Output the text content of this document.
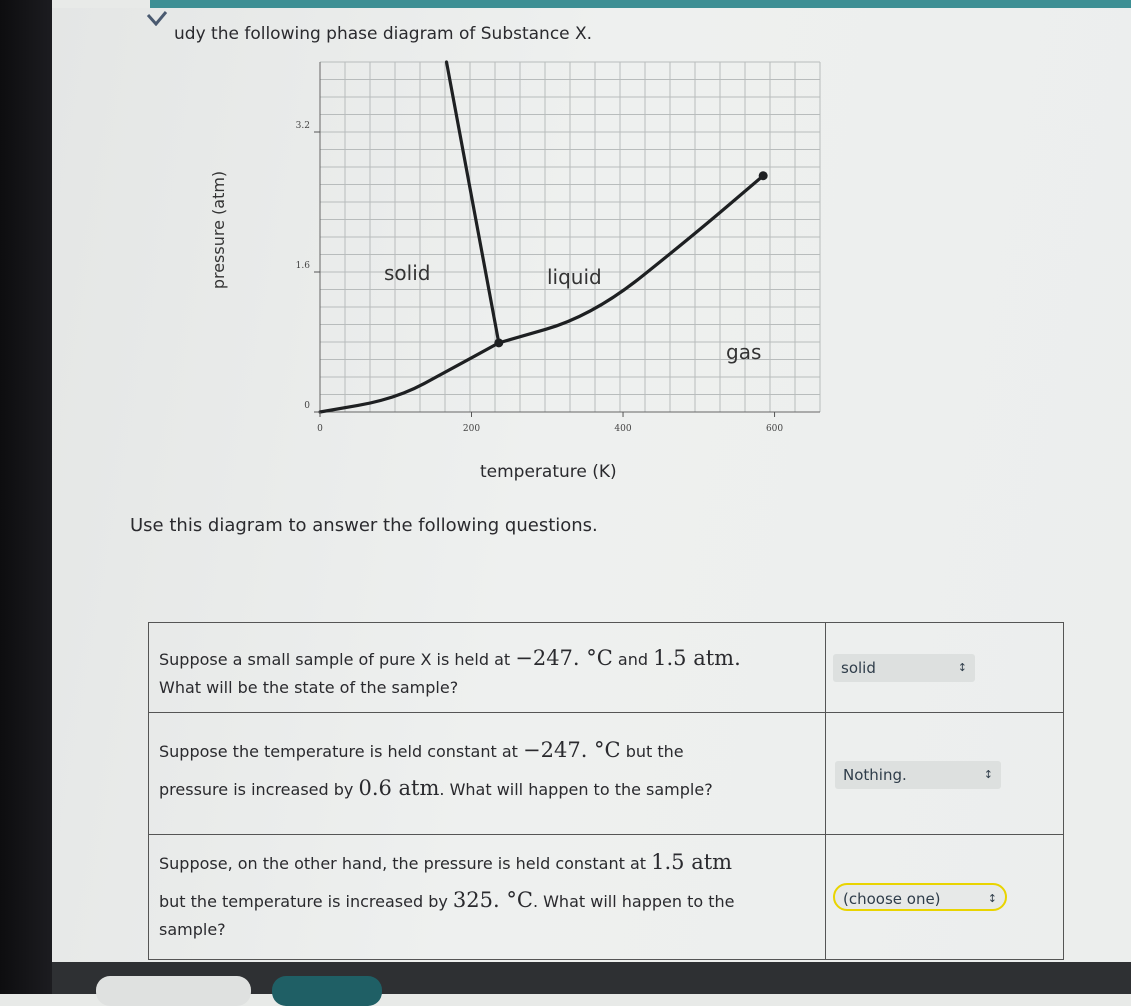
udy the following phase diagram of Substance X.
0	200	400	600
0
1.6
3.2
solid	liquid
gas
pressure (atm)
temperature (K)
Use this diagram to answer the following questions.
Suppose a small sample of pure X is held at −247. °C and 1.5 atm.
What will be the state of the sample?
solid	↕
Suppose the temperature is held constant at −247. °C but the
pressure is increased by 0.6 atm. What will happen to the sample?
Nothing.	↕
Suppose, on the other hand, the pressure is held constant at 1.5 atm
but the temperature is increased by 325. °C. What will happen to the
sample?
(choose one)	↕
